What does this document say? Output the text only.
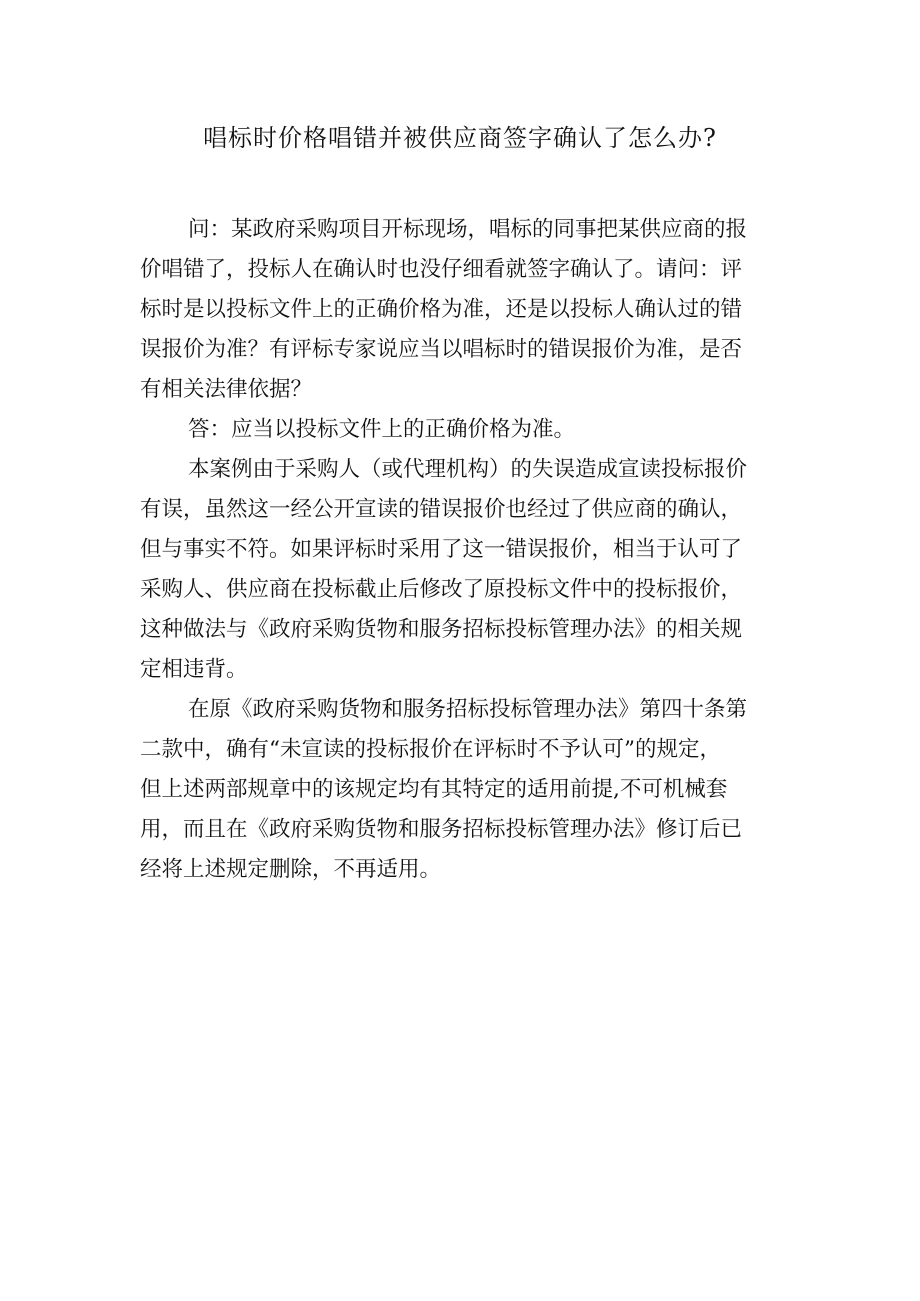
唱标时价格唱错并被供应商签字确认了怎么办?

问：某政府采购项目开标现场，唱标的同事把某供应商的报
价唱错了，投标人在确认时也没仔细看就签字确认了。请问：评
标时是以投标文件上的正确价格为准，还是以投标人确认过的错
误报价为准？有评标专家说应当以唱标时的错误报价为准，是否
有相关法律依据？

答：应当以投标文件上的正确价格为准。

本案例由于采购人（或代理机构）的失误造成宣读投标报价
有误，虽然这一经公开宣读的错误报价也经过了供应商的确认，
但与事实不符。如果评标时采用了这一错误报价，相当于认可了
采购人、供应商在投标截止后修改了原投标文件中的投标报价，
这种做法与《政府采购货物和服务招标投标管理办法》的相关规
定相违背。

在原《政府采购货物和服务招标投标管理办法》第四十条第
二款中，确有“未宣读的投标报价在评标时不予认可”的规定，
但上述两部规章中的该规定均有其特定的适用前提,不可机械套
用，而且在《政府采购货物和服务招标投标管理办法》修订后已
经将上述规定删除，不再适用。
